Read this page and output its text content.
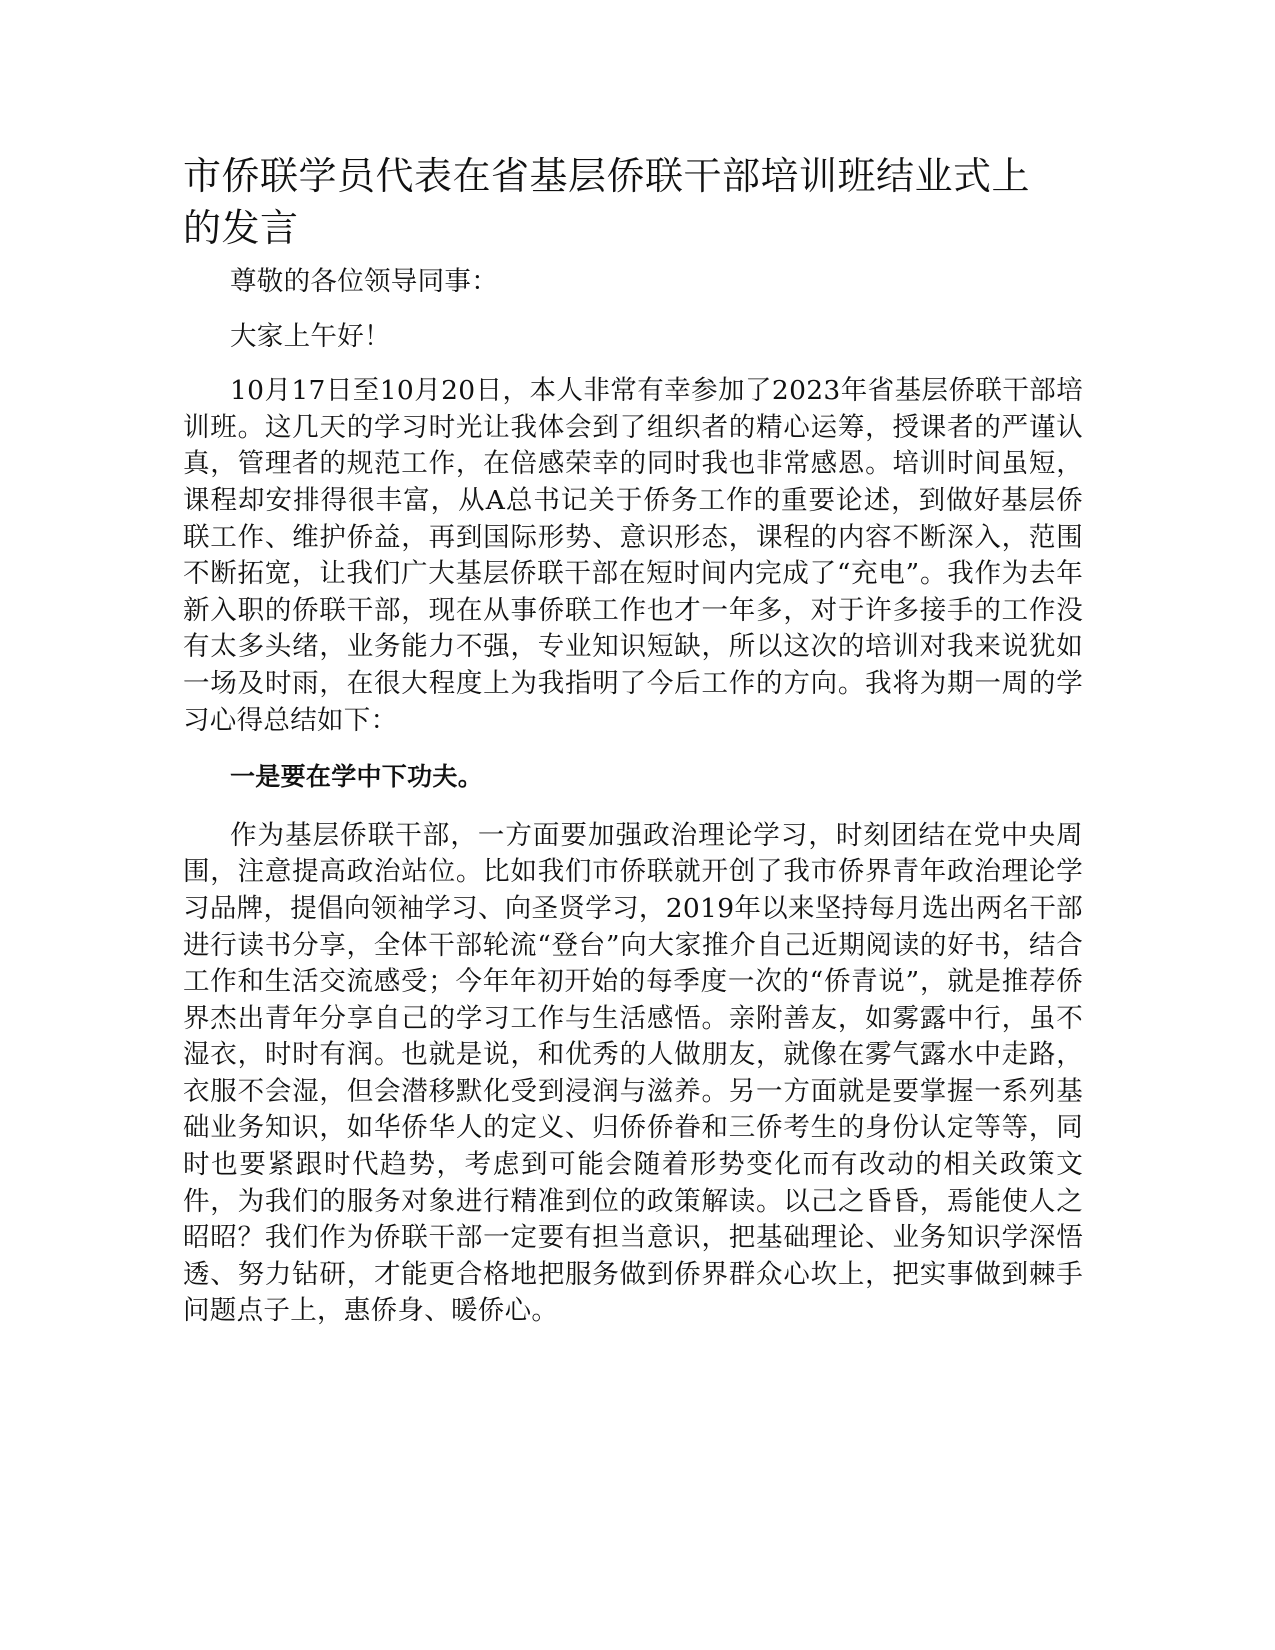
市侨联学员代表在省基层侨联干部培训班结业式上的发言

尊敬的各位领导同事：

大家上午好！

10月17日至10月20日，本人非常有幸参加了2023年省基层侨联干部培训班。这几天的学习时光让我体会到了组织者的精心运筹，授课者的严谨认真，管理者的规范工作，在倍感荣幸的同时我也非常感恩。培训时间虽短，课程却安排得很丰富，从A总书记关于侨务工作的重要论述，到做好基层侨联工作、维护侨益，再到国际形势、意识形态，课程的内容不断深入，范围不断拓宽，让我们广大基层侨联干部在短时间内完成了“充电”。我作为去年新入职的侨联干部，现在从事侨联工作也才一年多，对于许多接手的工作没有太多头绪，业务能力不强，专业知识短缺，所以这次的培训对我来说犹如一场及时雨，在很大程度上为我指明了今后工作的方向。我将为期一周的学习心得总结如下：

一是要在学中下功夫。

作为基层侨联干部，一方面要加强政治理论学习，时刻团结在党中央周围，注意提高政治站位。比如我们市侨联就开创了我市侨界青年政治理论学习品牌，提倡向领袖学习、向圣贤学习，2019年以来坚持每月选出两名干部进行读书分享，全体干部轮流“登台”向大家推介自己近期阅读的好书，结合工作和生活交流感受；今年年初开始的每季度一次的“侨青说”，就是推荐侨界杰出青年分享自己的学习工作与生活感悟。亲附善友，如雾露中行，虽不湿衣，时时有润。也就是说，和优秀的人做朋友，就像在雾气露水中走路，衣服不会湿，但会潜移默化受到浸润与滋养。另一方面就是要掌握一系列基础业务知识，如华侨华人的定义、归侨侨眷和三侨考生的身份认定等等，同时也要紧跟时代趋势，考虑到可能会随着形势变化而有改动的相关政策文件，为我们的服务对象进行精准到位的政策解读。以己之昏昏，焉能使人之昭昭？我们作为侨联干部一定要有担当意识，把基础理论、业务知识学深悟透、努力钻研，才能更合格地把服务做到侨界群众心坎上，把实事做到棘手问题点子上，惠侨身、暖侨心。
